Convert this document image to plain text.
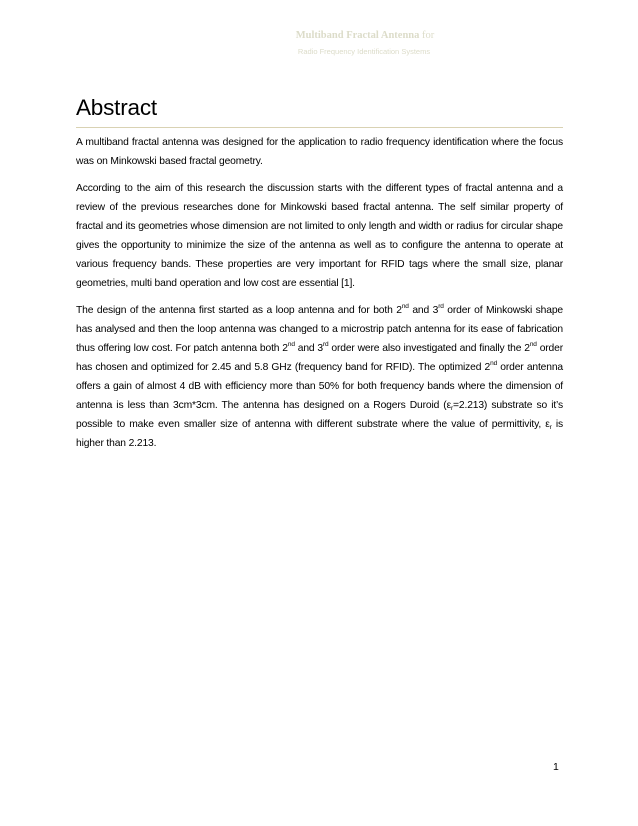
Multiband Fractal Antenna for
Radio Frequency Identification Systems
Abstract

A multiband fractal antenna was designed for the application to radio frequency identification where the focus was on Minkowski based fractal geometry.

According to the aim of this research the discussion starts with the different types of fractal antenna and a review of the previous researches done for Minkowski based fractal antenna. The self similar property of fractal and its geometries whose dimension are not limited to only length and width or radius for circular shape gives the opportunity to minimize the size of the antenna as well as to configure the antenna to operate at various frequency bands. These properties are very important for RFID tags where the small size, planar geometries, multi band operation and low cost are essential [1].

The design of the antenna first started as a loop antenna and for both 2nd and 3rd order of Minkowski shape has analysed and then the loop antenna was changed to a microstrip patch antenna for its ease of fabrication thus offering low cost. For patch antenna both 2nd and 3rd order were also investigated and finally the 2nd order has chosen and optimized for 2.45 and 5.8 GHz (frequency band for RFID). The optimized 2nd order antenna offers a gain of almost 4 dB with efficiency more than 50% for both frequency bands where the dimension of antenna is less than 3cm*3cm. The antenna has designed on a Rogers Duroid $(\varepsilon_r=2.213)$ substrate so it’s possible to make even smaller size of antenna with different substrate where the value of permittivity, $\varepsilon_r$ is higher than 2.213.

1
